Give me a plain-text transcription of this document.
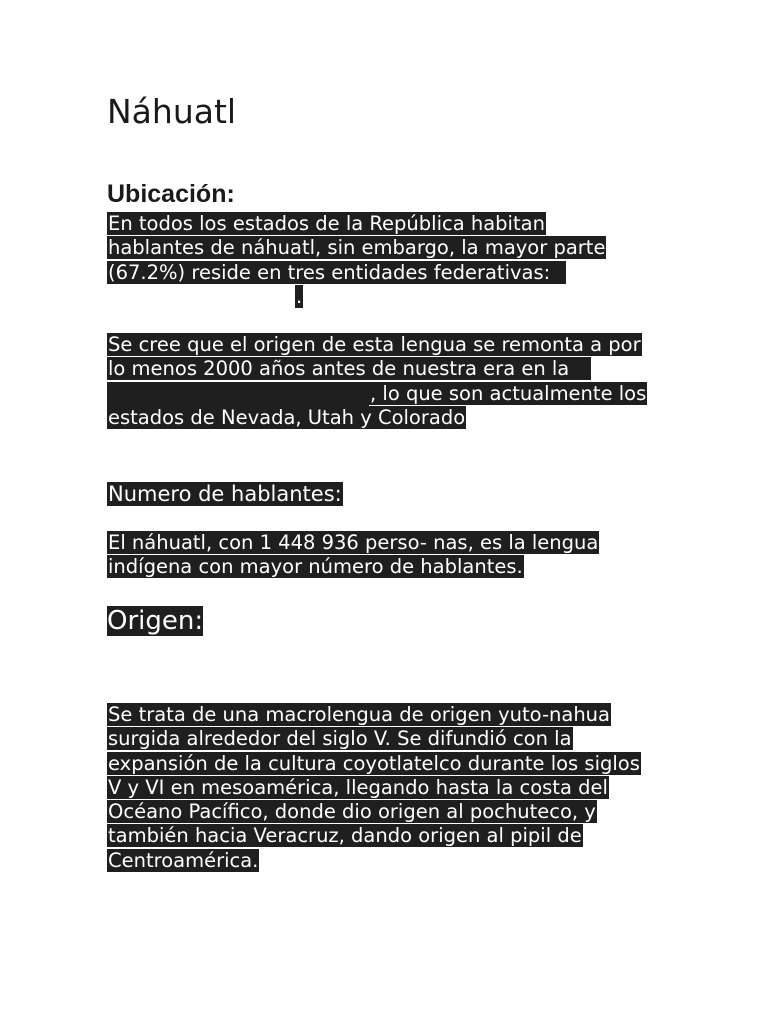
Náhuatl
Ubicación:
En todos los estados de la República habitan
hablantes de náhuatl, sin embargo, la mayor parte
(67.2%) reside en tres entidades federativas:
.
Se cree que el origen de esta lengua se remonta a por
lo menos 2000 años antes de nuestra era en la
, lo que son actualmente los
estados de Nevada, Utah y Colorado
Numero de hablantes:
El náhuatl, con 1 448 936 perso- nas, es la lengua
indígena con mayor número de hablantes.
Origen:
Se trata de una macrolengua de origen yuto-nahua
surgida alrededor del siglo V. Se difundió con la
expansión de la cultura coyotlatelco durante los siglos
V y VI en mesoamérica, llegando hasta la costa del
Océano Pacífico, donde dio origen al pochuteco, y
también hacia Veracruz, dando origen al pipil de
Centroamérica.
